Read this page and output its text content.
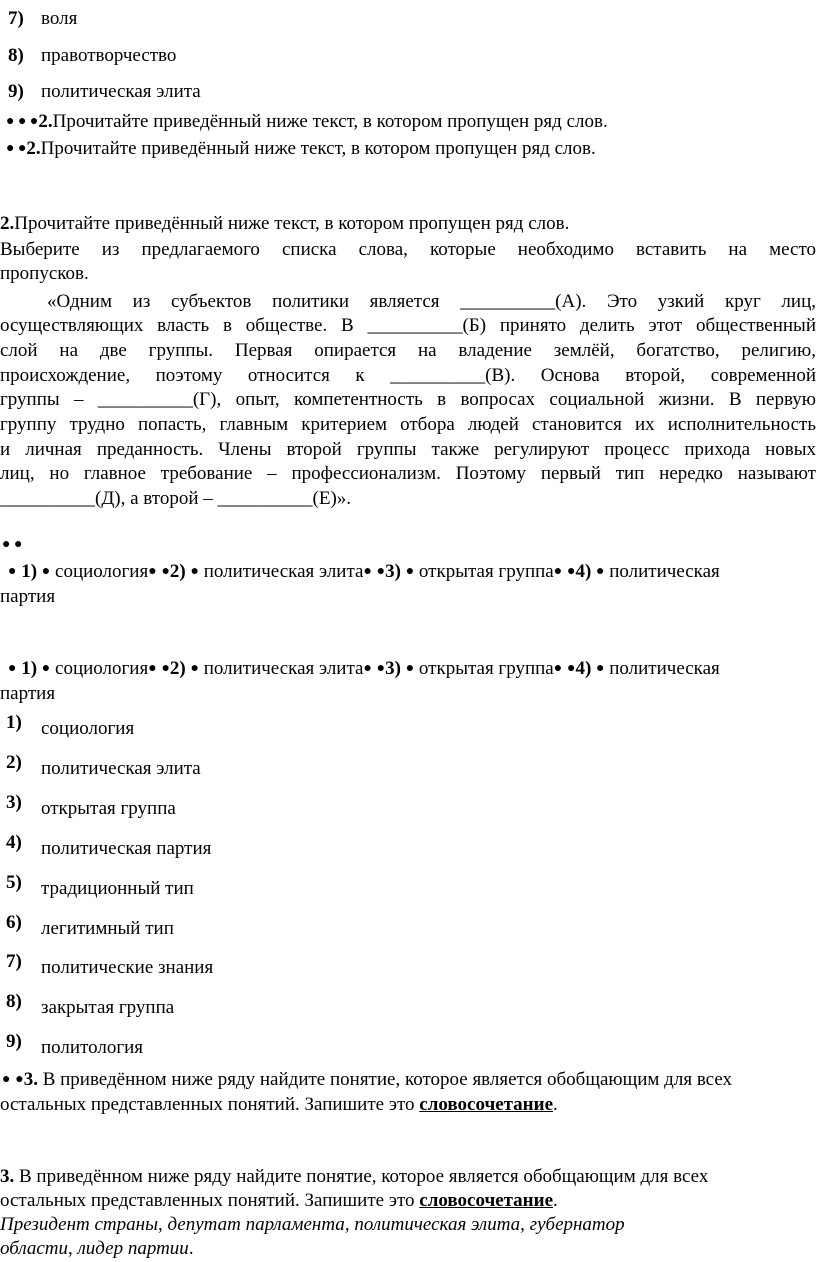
7) воля
8) правотворчество
9) политическая элита
● ● ●2.Прочитайте приведённый ниже текст, в котором пропущен ряд слов.
● ●2.Прочитайте приведённый ниже текст, в котором пропущен ряд слов.
2.Прочитайте приведённый ниже текст, в котором пропущен ряд слов.
Выберите из предлагаемого списка слова, которые необходимо вставить на место
пропусков.
«Одним из субъектов политики является __________(А). Это узкий круг лиц,
осуществляющих власть в обществе. В __________(Б) принято делить этот общественный
слой на две группы. Первая опирается на владение землёй, богатство, религию,
происхождение, поэтому относится к __________(В). Основа второй, современной
группы – __________(Г), опыт, компетентность в вопросах социальной жизни. В первую
группу трудно попасть, главным критерием отбора людей становится их исполнительность
и личная преданность. Члены второй группы также регулируют процесс прихода новых
лиц, но главное требование – профессионализм. Поэтому первый тип нередко называют
__________(Д), а второй – __________(Е)».
● ●
● 1) ● социология● ●2) ● политическая элита● ●3) ● открытая группа● ●4) ● политическая
партия
● 1) ● социология● ●2) ● политическая элита● ●3) ● открытая группа● ●4) ● политическая
партия
1) социология
2) политическая элита
3) открытая группа
4) политическая партия
5) традиционный тип
6) легитимный тип
7) политические знания
8) закрытая группа
9) политология
● ●3. В приведённом ниже ряду найдите понятие, которое является обобщающим для всех
остальных представленных понятий. Запишите это словосочетание.
3. В приведённом ниже ряду найдите понятие, которое является обобщающим для всех
остальных представленных понятий. Запишите это словосочетание.
Президент страны, депутат парламента, политическая элита, губернатор
области, лидер партии.
